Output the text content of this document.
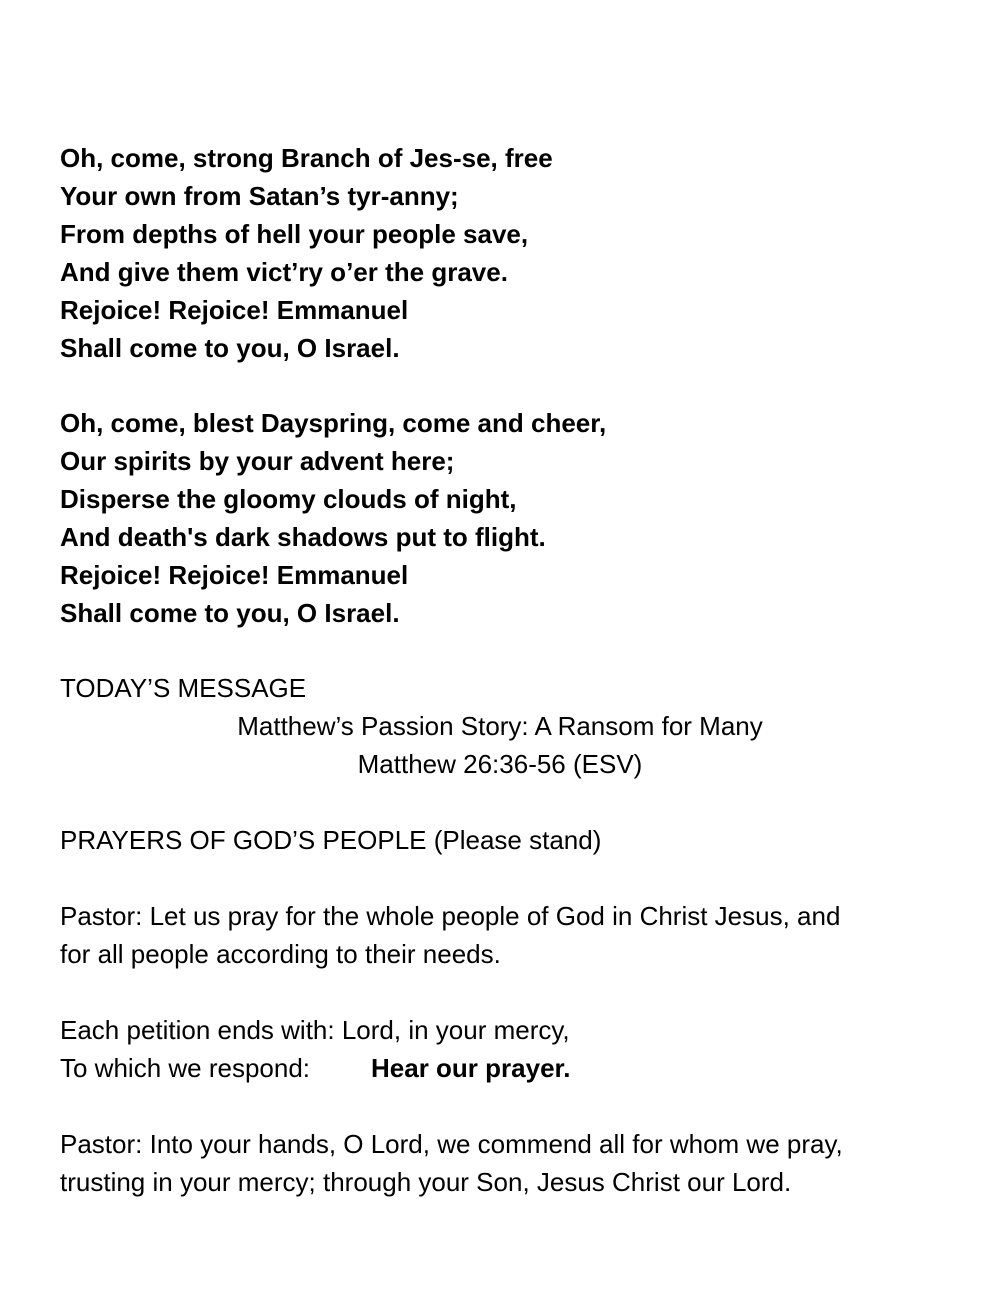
Oh, come, strong Branch of Jes-se, free
Your own from Satan’s tyr-anny;
From depths of hell your people save,
And give them vict’ry o’er the grave.
Rejoice! Rejoice! Emmanuel
Shall come to you, O Israel.
Oh, come, blest Dayspring, come and cheer,
Our spirits by your advent here;
Disperse the gloomy clouds of night,
And death's dark shadows put to flight.
Rejoice! Rejoice! Emmanuel
Shall come to you, O Israel.
TODAY’S MESSAGE
Matthew’s Passion Story: A Ransom for Many
Matthew 26:36-56 (ESV)
PRAYERS OF GOD’S PEOPLE (Please stand)
Pastor: Let us pray for the whole people of God in Christ Jesus, and
for all people according to their needs.
Each petition ends with: Lord, in your mercy,
To which we respond: Hear our prayer.
Pastor: Into your hands, O Lord, we commend all for whom we pray,
trusting in your mercy; through your Son, Jesus Christ our Lord.
